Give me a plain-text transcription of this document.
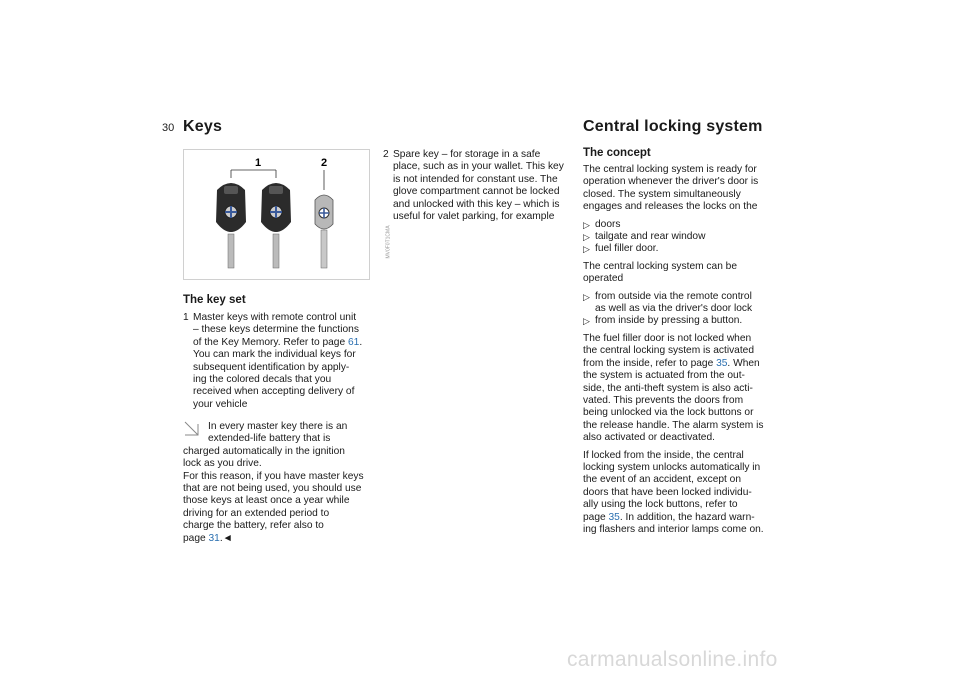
30 Keys	Central locking system
1	2
MV0F0T1CMA
The key set
1 Master keys with remote control unit
– these keys determine the functions
of the Key Memory. Refer to page 61.
You can mark the individual keys for
subsequent identification by apply-
ing the colored decals that you
received when accepting delivery of
your vehicle
In every master key there is an
extended-life battery that is
charged automatically in the ignition
lock as you drive.
For this reason, if you have master keys
that are not being used, you should use
those keys at least once a year while
driving for an extended period to
charge the battery, refer also to
page 31.◄
2 Spare key – for storage in a safe
place, such as in your wallet. This key
is not intended for constant use. The
glove compartment cannot be locked
and unlocked with this key – which is
useful for valet parking, for example
The concept

The central locking system is ready for
operation whenever the driver's door is
closed. The system simultaneously
engages and releases the locks on the

▷ doors
▷ tailgate and rear window
▷ fuel filler door.

The central locking system can be
operated

▷ from outside via the remote control
as well as via the driver's door lock
▷ from inside by pressing a button.

The fuel filler door is not locked when
the central locking system is activated
from the inside, refer to page 35. When
the system is actuated from the out-
side, the anti-theft system is also acti-
vated. This prevents the doors from
being unlocked via the lock buttons or
the release handle. The alarm system is
also activated or deactivated.

If locked from the inside, the central
locking system unlocks automatically in
the event of an accident, except on
doors that have been locked individu-
ally using the lock buttons, refer to
page 35. In addition, the hazard warn-
ing flashers and interior lamps come on.

carmanualsonline.info
